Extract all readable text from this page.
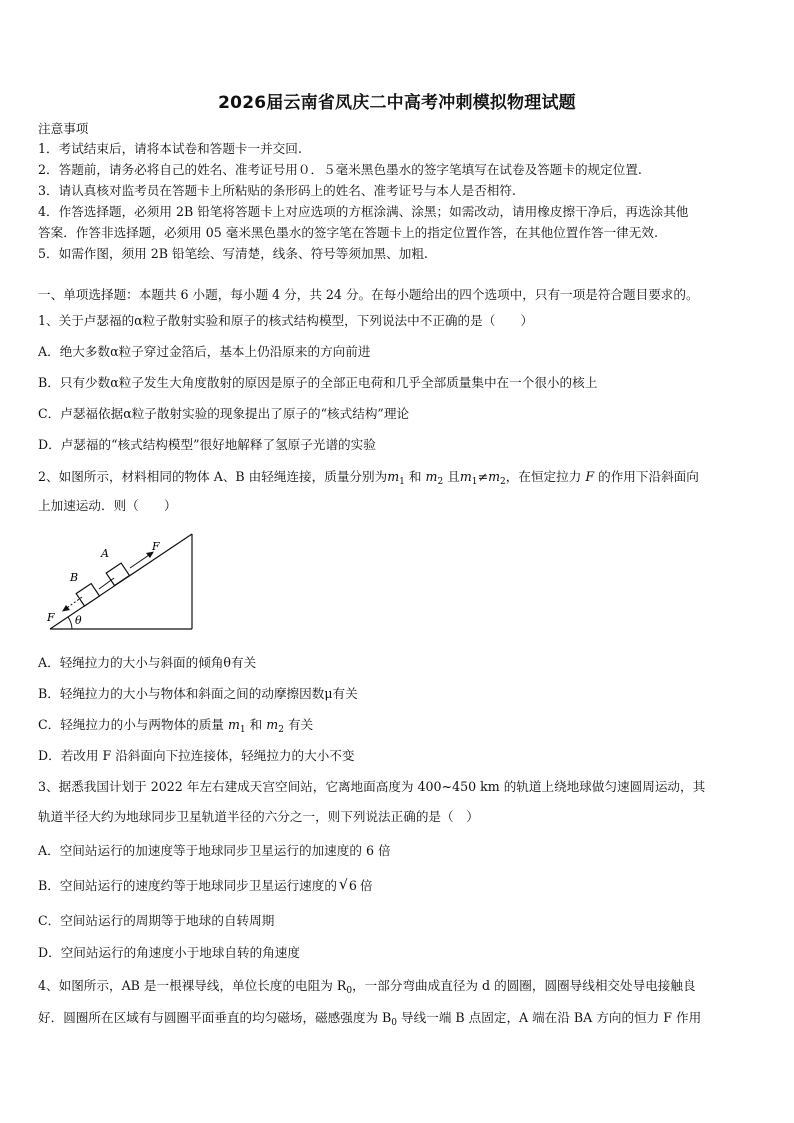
2026届云南省凤庆二中高考冲刺模拟物理试题
注意事项
1．考试结束后，请将本试卷和答题卡一并交回.
2．答题前，请务必将自己的姓名、准考证号用０．５毫米黑色墨水的签字笔填写在试卷及答题卡的规定位置.
3．请认真核对监考员在答题卡上所粘贴的条形码上的姓名、准考证号与本人是否相符.
4．作答选择题，必须用 2B 铅笔将答题卡上对应选项的方框涂满、涂黑；如需改动，请用橡皮擦干净后，再选涂其他
答案．作答非选择题，必须用 05 毫米黑色墨水的签字笔在答题卡上的指定位置作答，在其他位置作答一律无效.
5．如需作图，须用 2B 铅笔绘、写清楚，线条、符号等须加黑、加粗.
一、单项选择题：本题共 6 小题，每小题 4 分，共 24 分。在每小题给出的四个选项中，只有一项是符合题目要求的。
1、关于卢瑟福的α粒子散射实验和原子的核式结构模型，下列说法中不正确的是（　　）
A．绝大多数α粒子穿过金箔后，基本上仍沿原来的方向前进
B．只有少数α粒子发生大角度散射的原因是原子的全部正电荷和几乎全部质量集中在一个很小的核上
C．卢瑟福依据α粒子散射实验的现象提出了原子的“核式结构”理论
D．卢瑟福的“核式结构模型”很好地解释了氢原子光谱的实验
2、如图所示，材料相同的物体 A、B 由轻绳连接，质量分别为$m_1$ 和 $m_2$ 且$m_1\ne m_2$，在恒定拉力 F 的作用下沿斜面向
上加速运动．则（　　）
θ
A
B
F
F
A．轻绳拉力的大小与斜面的倾角θ有关
B．轻绳拉力的大小与物体和斜面之间的动摩擦因数μ有关
C．轻绳拉力的小与两物体的质量 $m_1$ 和 $m_2$ 有关
D．若改用 F 沿斜面向下拉连接体，轻绳拉力的大小不变
3、据悉我国计划于 2022 年左右建成天宫空间站，它离地面高度为 400~450 km 的轨道上绕地球做匀速圆周运动，其
轨道半径大约为地球同步卫星轨道半径的六分之一，则下列说法正确的是（　）
A．空间站运行的加速度等于地球同步卫星运行的加速度的 6 倍
B．空间站运行的速度约等于地球同步卫星运行速度的 √ 6 倍
C．空间站运行的周期等于地球的自转周期
D．空间站运行的角速度小于地球自转的角速度
4、如图所示，AB 是一根裸导线，单位长度的电阻为 $R_0$，一部分弯曲成直径为 d 的圆圈，圆圈导线相交处导电接触良
好．圆圈所在区域有与圆圈平面垂直的均匀磁场，磁感强度为 $B_0$ 导线一端 B 点固定，A 端在沿 BA 方向的恒力 F 作用
